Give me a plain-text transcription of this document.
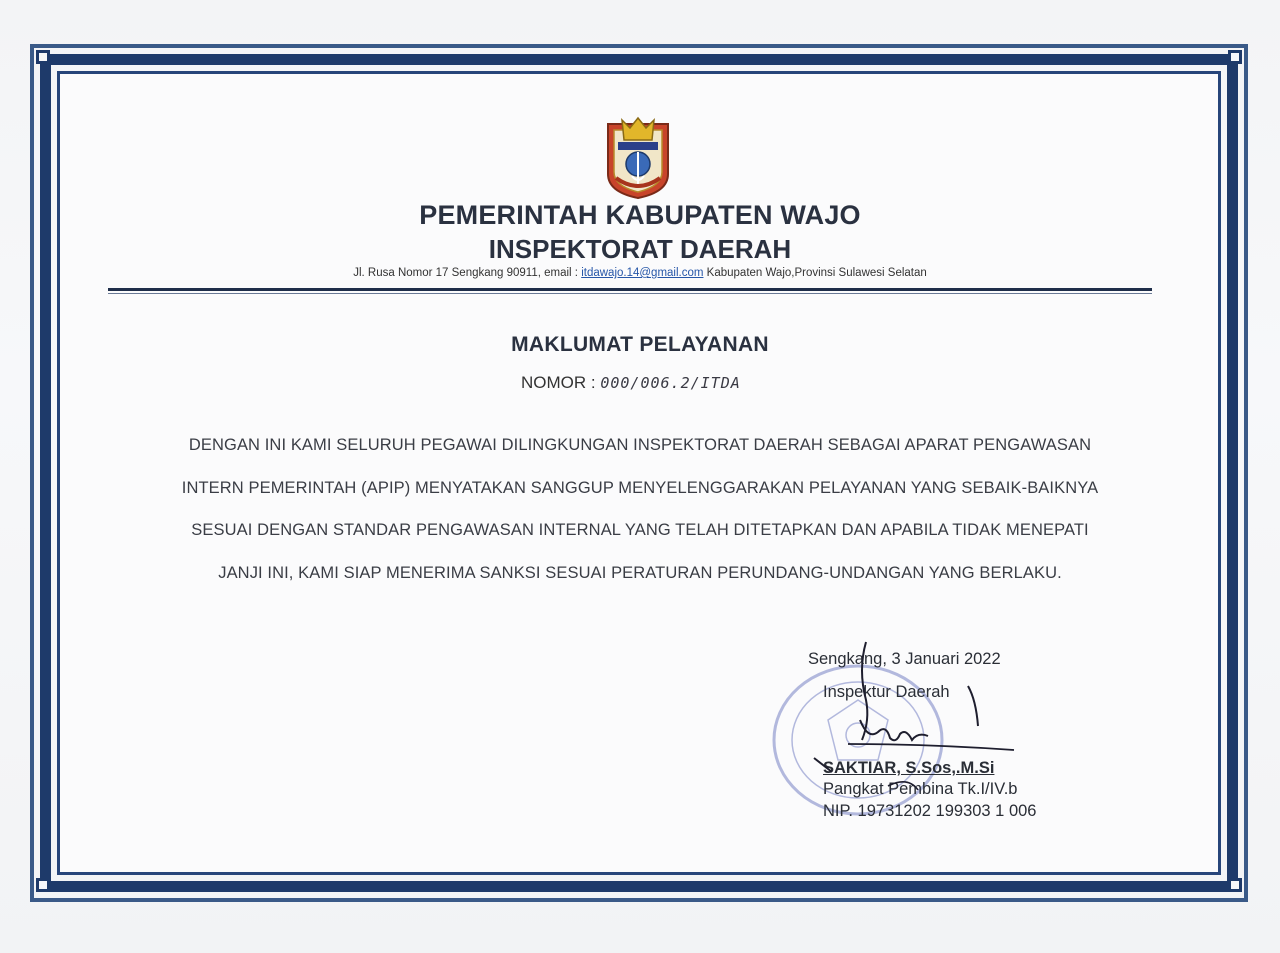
PEMERINTAH KABUPATEN WAJO
INSPEKTORAT DAERAH
Jl. Rusa Nomor 17 Sengkang 90911, email : itdawajo.14@gmail.com Kabupaten Wajo,Provinsi Sulawesi Selatan
MAKLUMAT PELAYANAN
NOMOR : 000/006.2/ITDA
DENGAN INI KAMI SELURUH PEGAWAI DILINGKUNGAN INSPEKTORAT DAERAH SEBAGAI APARAT PENGAWASAN
INTERN PEMERINTAH (APIP) MENYATAKAN SANGGUP MENYELENGGARAKAN PELAYANAN YANG SEBAIK-BAIKNYA
SESUAI DENGAN STANDAR PENGAWASAN INTERNAL YANG TELAH DITETAPKAN DAN APABILA TIDAK MENEPATI
JANJI INI, KAMI SIAP MENERIMA SANKSI SESUAI PERATURAN PERUNDANG-UNDANGAN YANG BERLAKU.
Sengkang, 3 Januari 2022
Inspektur Daerah
SAKTIAR, S.Sos,.M.Si
Pangkat Pembina Tk.I/IV.b
NIP. 19731202 199303 1 006
